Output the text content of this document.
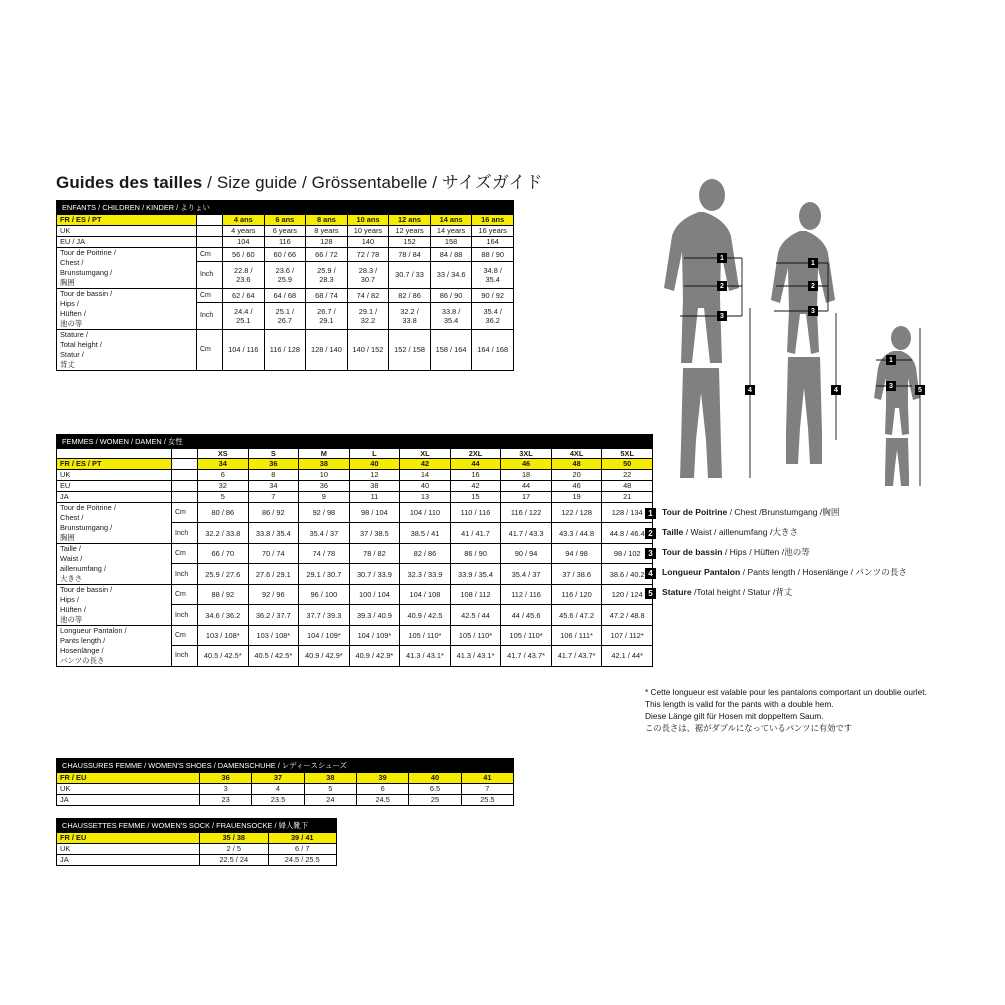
Guides des tailles / Size guide / Grössentabelle / サイズガイド
ENFANTS / CHILDREN / KINDER / よりょい								
FR / ES / PT		4 ans	6 ans	8 ans	10 ans	12 ans	14 ans	16 ans
UK		4 years	6 years	8 years	10 years	12 years	14 years	16 years
EU / JA		104	116	128	140	152	158	164
Tour de Poitrine /
Chest /
Brunstumgang /
胸囲	Cm	56 / 60	60 / 66	66 / 72	72 / 78	78 / 84	84 / 88	88 / 90
	Inch	22.8 / 23.6	23.6 / 25.9	25.9 / 28.3	28.3 / 30.7	30.7 / 33	33 / 34.6	34.8 / 35.4
Tour de bassin /
Hips /
Hüften /
池の等	Cm	62 / 64	64 / 68	68 / 74	74 / 82	82 / 86	86 / 90	90 / 92
	Inch	24.4 / 25.1	25.1 / 26.7	26.7 / 29.1	29.1 / 32.2	32.2 / 33.8	33.8 / 35.4	35.4 / 36.2
Stature /
Total height /
Statur /
背丈	Cm	104 / 116	116 / 128	128 / 140	140 / 152	152 / 158	158 / 164	164 / 168
FEMMES / WOMEN / DAMEN / 女性										
		XS	S	M	L	XL	2XL	3XL	4XL	5XL
FR / ES / PT		34	36	38	40	42	44	46	48	50
UK		6	8	10	12	14	16	18	20	22
EU		32	34	36	38	40	42	44	46	48
JA		5	7	9	11	13	15	17	19	21
Tour de Poitrine /
Chest /
Brunstumgang /
胸囲	Cm	80 / 86	86 / 92	92 / 98	98 / 104	104 / 110	110 / 116	116 / 122	122 / 128	128 / 134
	Inch	32.2 / 33.8	33.8 / 35.4	35.4 / 37	37 / 38.5	38.5 / 41	41 / 41.7	41.7 / 43.3	43.3 / 44.8	44.8 / 46.4
Taille /
Waist /
aillenumfang /
大きさ	Cm	66 / 70	70 / 74	74 / 78	78 / 82	82 / 86	86 / 90	90 / 94	94 / 98	98 / 102
	Inch	25.9 / 27.6	27.6 / 29.1	29.1 / 30.7	30.7 / 33.9	32.3 / 33.9	33.9 / 35.4	35.4 / 37	37 / 38.6	38.6 / 40.2
Tour de bassin /
Hips /
Hüften /
池の等	Cm	88 / 92	92 / 96	96 / 100	100 / 104	104 / 108	108 / 112	112 / 116	116 / 120	120 / 124
	Inch	34.6 / 36.2	36.2 / 37.7	37.7 / 39.3	39.3 / 40.9	40.9 / 42.5	42.5 / 44	44 / 45.6	45.6 / 47.2	47.2 / 48.8
Longueur Pantalon /
Pants length /
Hosenlänge /
パンツの長さ	Cm	103 / 108*	103 / 108*	104 / 109*	104 / 109*	105 / 110*	105 / 110*	105 / 110*	106 / 111*	107 / 112*
	Inch	40.5 / 42.5*	40.5 / 42.5*	40.9 / 42.9*	40.9 / 42.9*	41.3 / 43.1*	41.3 / 43.1*	41.7 / 43.7*	41.7 / 43.7*	42.1 / 44*
CHAUSSURES FEMME / WOMEN'S SHOES / DAMENSCHUHE / レディースシューズ						
FR / EU	36	37	38	39	40	41
UK	3	4	5	6	6.5	7
JA	23	23.5	24	24.5	25	25.5
CHAUSSETTES FEMME / WOMEN'S SOCK / FRAUENSOCKE / 婦人靴下		
FR / EU	35 / 38	39 / 41
UK	2 / 5	6 / 7
JA	22.5 / 24	24.5 / 25.5
1
2
3
4
1
2
3
4
1
3
5
1	Tour de Poitrine / Chest /Brunstumgang /胸囲
2	Taille / Waist / aillenumfang /大きさ
3	Tour de bassin / Hips / Hüften /池の等
4	Longueur Pantalon / Pants length / Hosenlänge / パンツの長さ
5	Stature /Total height / Statur /背丈
* Cette longueur est valable pour les pantalons comportant un doublie ourlet.
This length is valid for the pants with a double hem.
Diese Länge gilt für Hosen mit doppeltem Saum.
この長さは、裾がダブルになっているパンツに有効です
